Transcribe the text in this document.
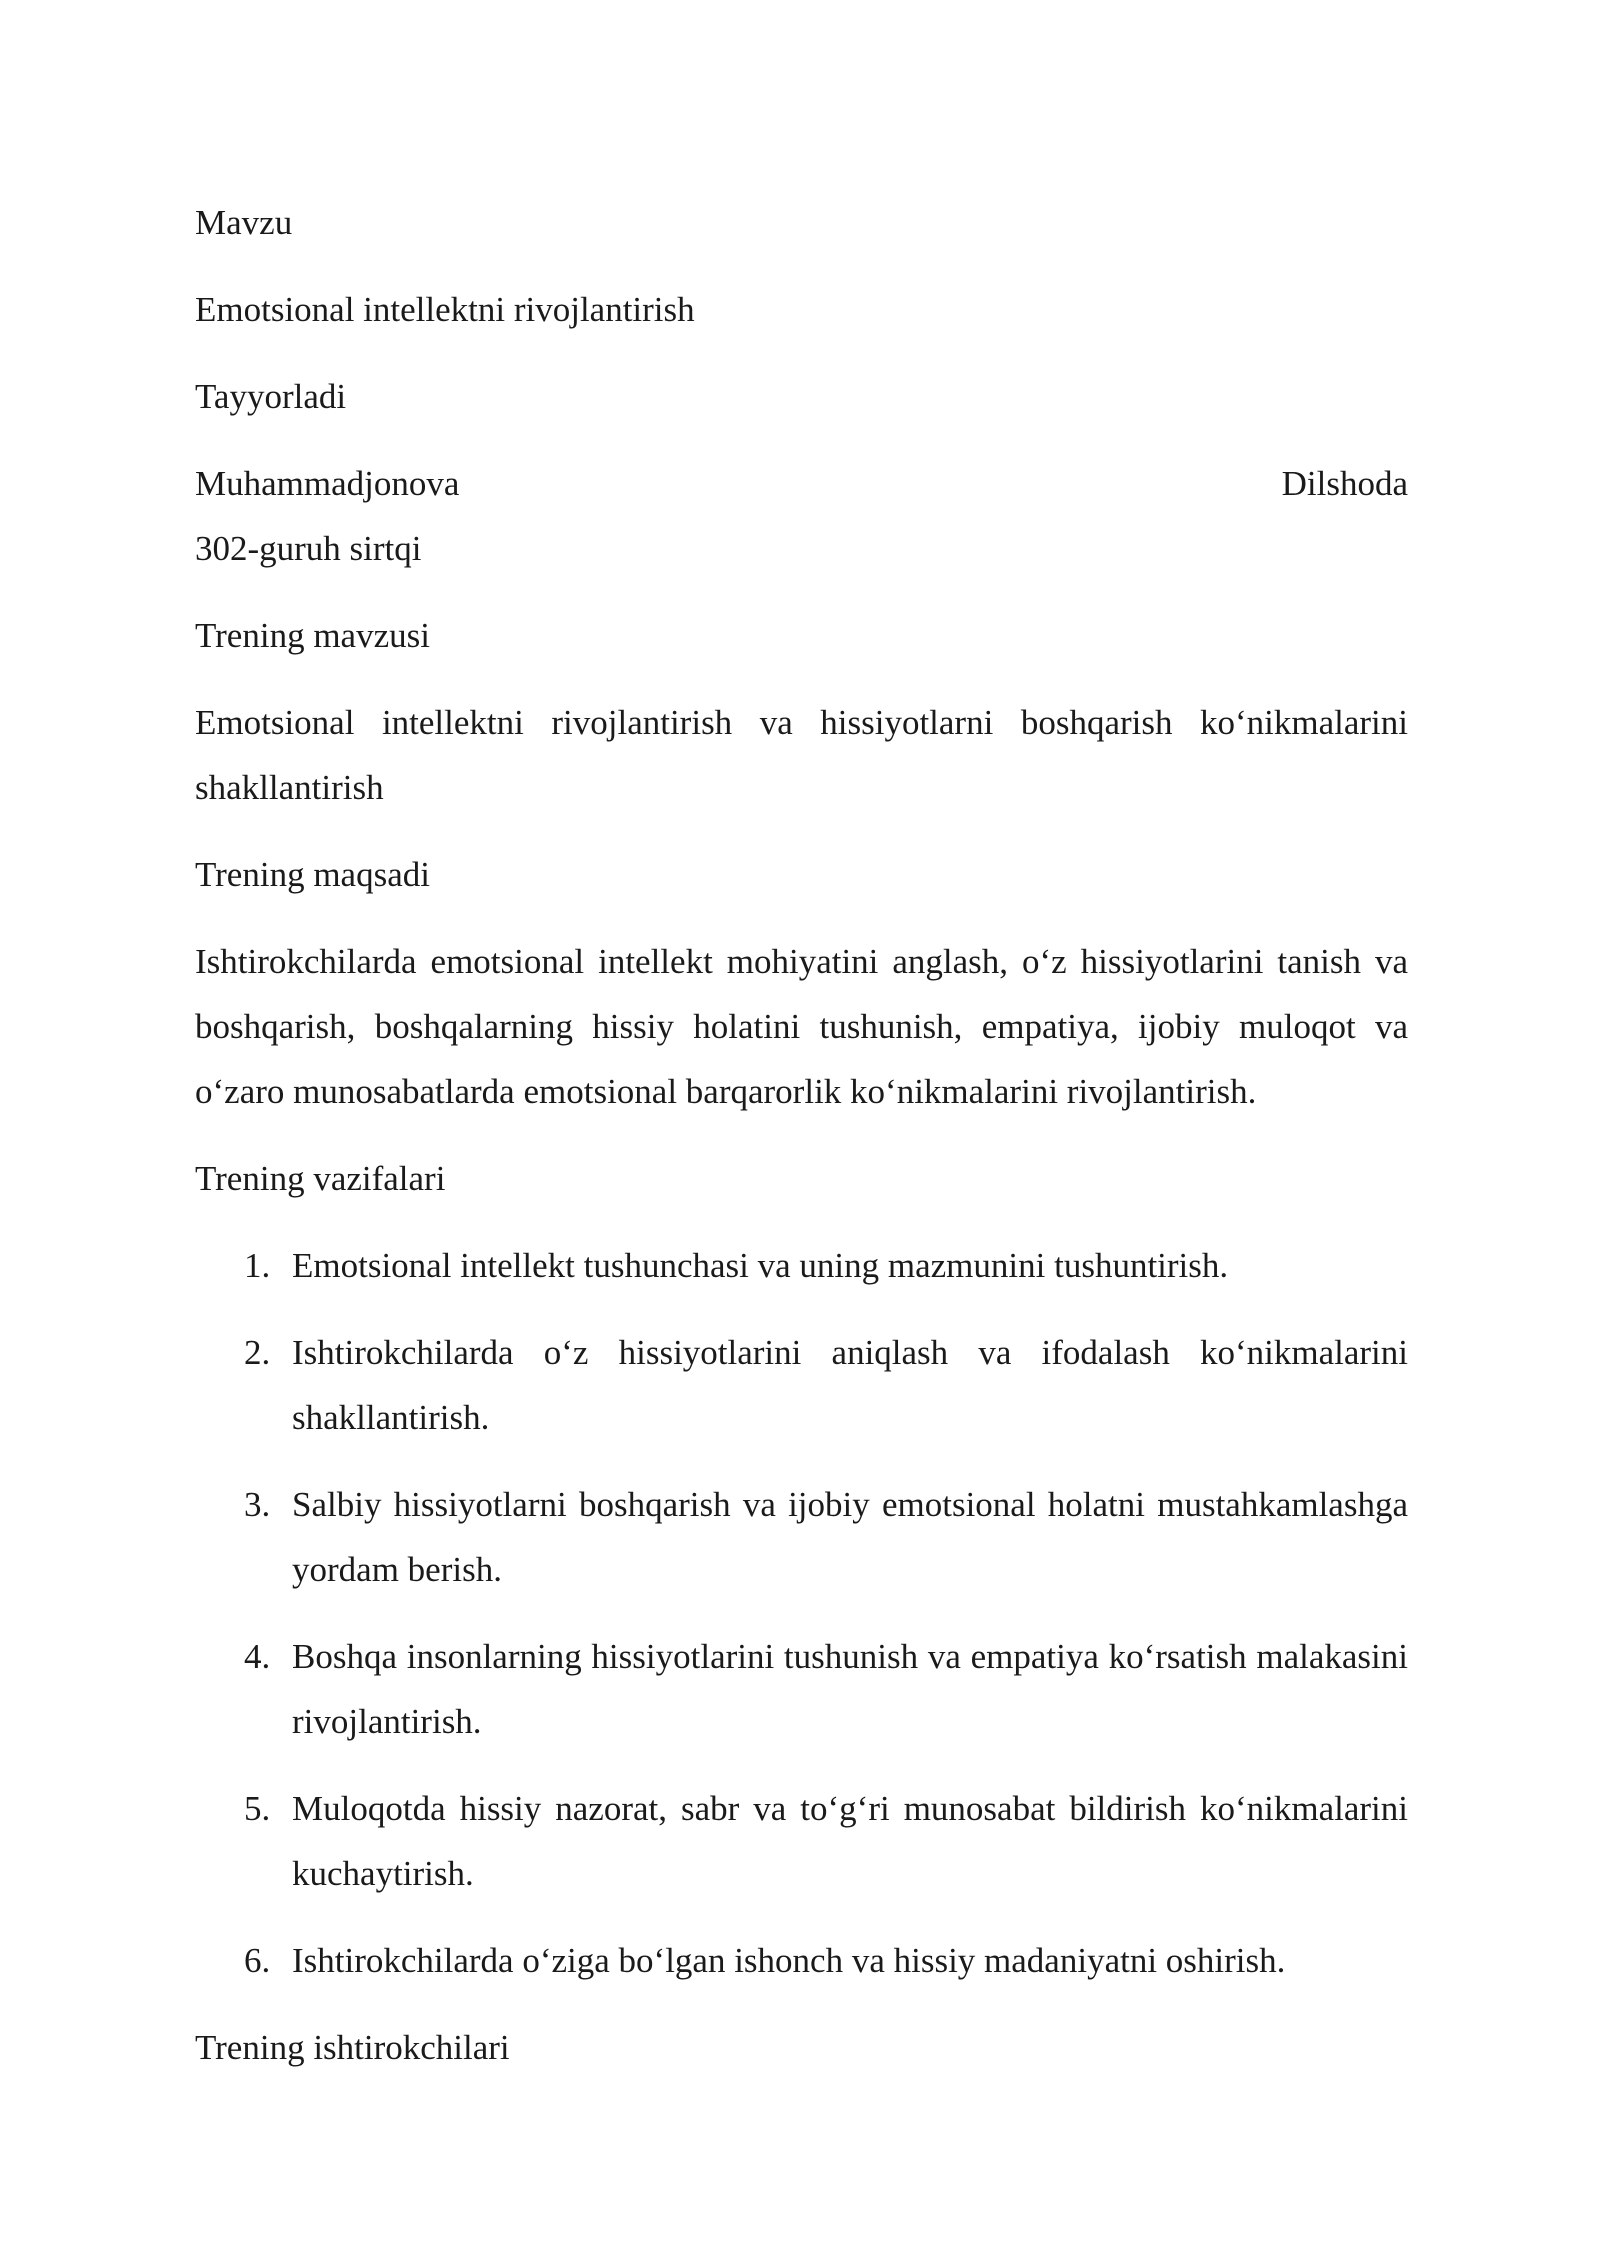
Mavzu

Emotsional intellektni rivojlantirish

Tayyorladi

Muhammadjonova	Dilshoda

302-guruh sirtqi

Trening mavzusi

Emotsional intellektni rivojlantirish va hissiyotlarni boshqarish ko‘nikmalarini shakllantirish

Trening maqsadi

Ishtirokchilarda emotsional intellekt mohiyatini anglash, o‘z hissiyotlarini tanish va boshqarish, boshqalarning hissiy holatini tushunish, empatiya, ijobiy muloqot va o‘zaro munosabatlarda emotsional barqarorlik ko‘nikmalarini rivojlantirish.

Trening vazifalari

1. Emotsional intellekt tushunchasi va uning mazmunini tushuntirish.
2. Ishtirokchilarda o‘z hissiyotlarini aniqlash va ifodalash ko‘nikmalarini shakllantirish.
3. Salbiy hissiyotlarni boshqarish va ijobiy emotsional holatni mustahkamlashga yordam berish.
4. Boshqa insonlarning hissiyotlarini tushunish va empatiya ko‘rsatish malakasini rivojlantirish.
5. Muloqotda hissiy nazorat, sabr va to‘g‘ri munosabat bildirish ko‘nikmalarini kuchaytirish.
6. Ishtirokchilarda o‘ziga bo‘lgan ishonch va hissiy madaniyatni oshirish.

Trening ishtirokchilari
